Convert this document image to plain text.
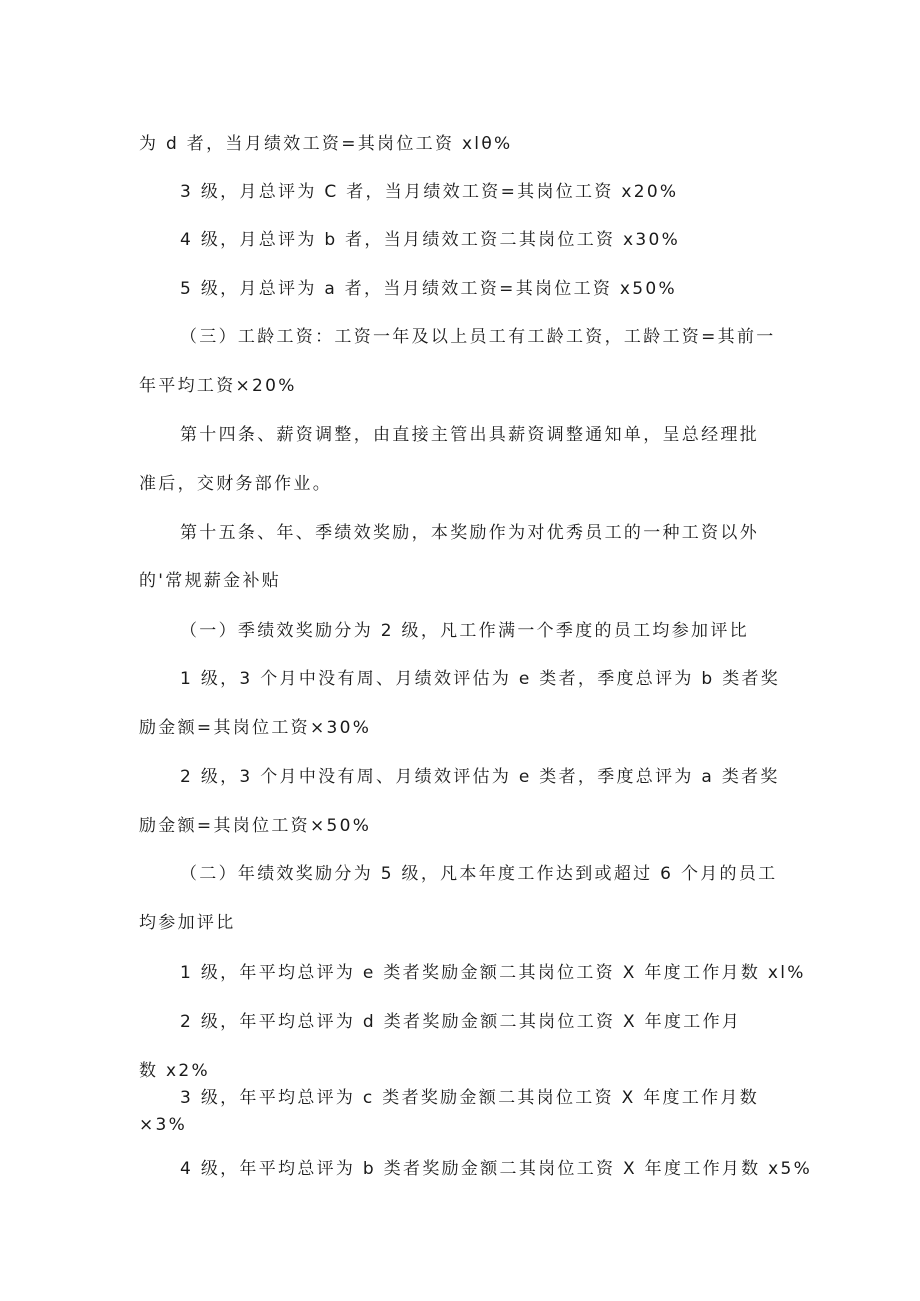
为 d 者，当月绩效工资=其岗位工资 xlθ%
3 级，月总评为 C 者，当月绩效工资=其岗位工资 x20%
4 级，月总评为 b 者，当月绩效工资二其岗位工资 x30%
5 级，月总评为 a 者，当月绩效工资=其岗位工资 x50%
（三）工龄工资：工资一年及以上员工有工龄工资，工龄工资=其前一
年平均工资×20%
第十四条、薪资调整，由直接主管出具薪资调整通知单，呈总经理批
准后，交财务部作业。
第十五条、年、季绩效奖励，本奖励作为对优秀员工的一种工资以外
的'常规薪金补贴
（一）季绩效奖励分为 2 级，凡工作满一个季度的员工均参加评比
1 级，3 个月中没有周、月绩效评估为 e 类者，季度总评为 b 类者奖
励金额=其岗位工资×30%
2 级，3 个月中没有周、月绩效评估为 e 类者，季度总评为 a 类者奖
励金额=其岗位工资×50%
（二）年绩效奖励分为 5 级，凡本年度工作达到或超过 6 个月的员工
均参加评比
1 级，年平均总评为 e 类者奖励金额二其岗位工资 X 年度工作月数 xl%
2 级，年平均总评为 d 类者奖励金额二其岗位工资 X 年度工作月
数 x2%
3 级，年平均总评为 c 类者奖励金额二其岗位工资 X 年度工作月数
×3%
4 级，年平均总评为 b 类者奖励金额二其岗位工资 X 年度工作月数 x5%
